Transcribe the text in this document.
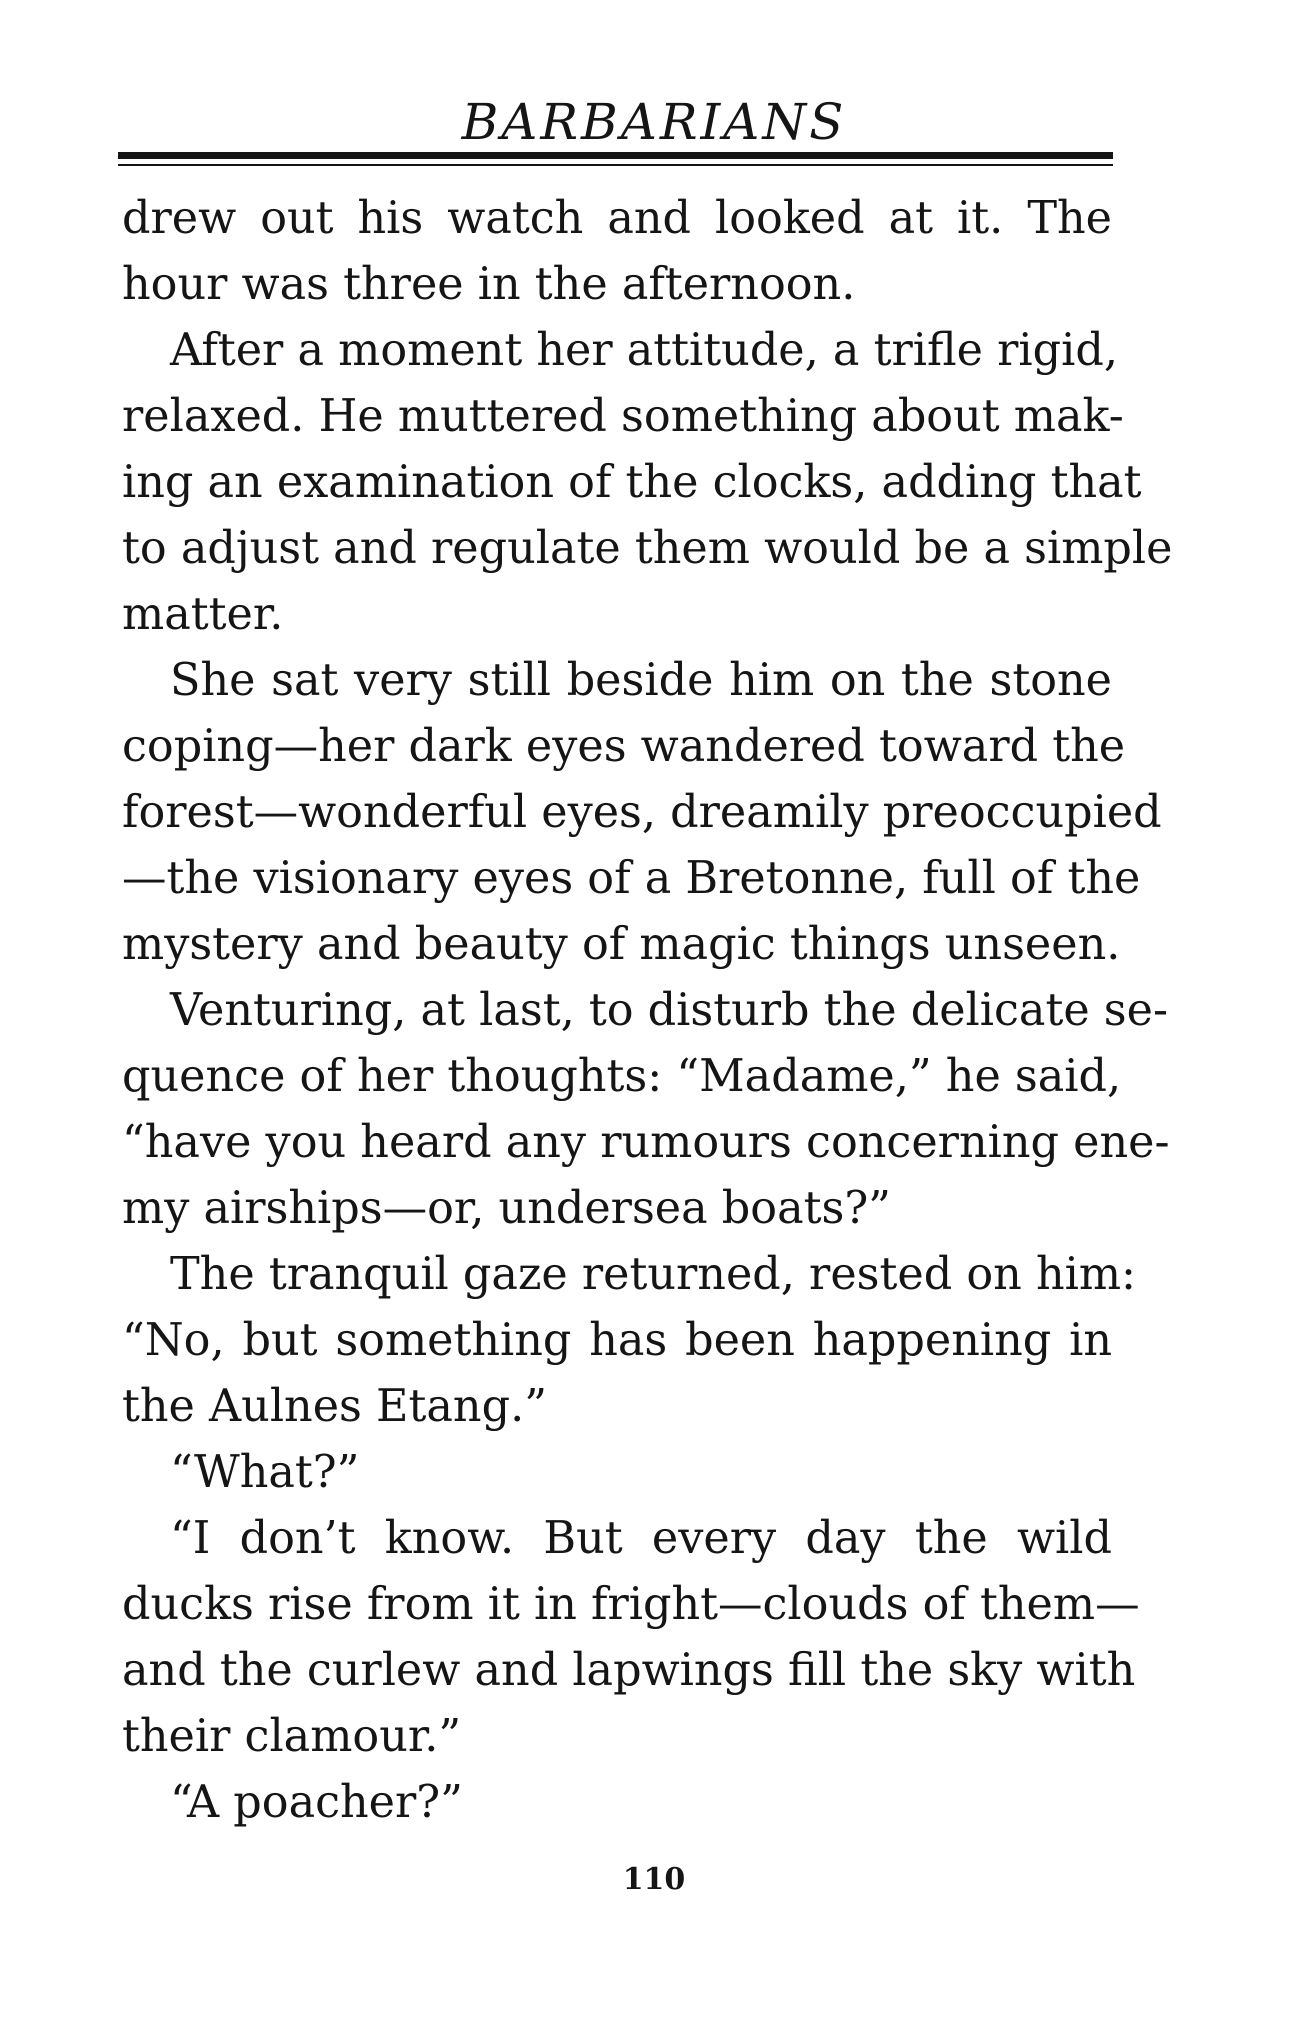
BARBARIANS
drew out his watch and looked at it. The
hour was three in the afternoon.
After a moment her attitude, a trifle rigid,
relaxed. He muttered something about mak-
ing an examination of the clocks, adding that
to adjust and regulate them would be a simple
matter.
She sat very still beside him on the stone
coping—her dark eyes wandered toward the
forest—wonderful eyes, dreamily preoccupied
—the visionary eyes of a Bretonne, full of the
mystery and beauty of magic things unseen.
Venturing, at last, to disturb the delicate se-
quence of her thoughts: “Madame,” he said,
“have you heard any rumours concerning ene-
my airships—or, undersea boats?”
The tranquil gaze returned, rested on him:
“No, but something has been happening in
the Aulnes Etang.”
“What?”
“I don’t know. But every day the wild
ducks rise from it in fright—clouds of them—
and the curlew and lapwings fill the sky with
their clamour.”
“A poacher?”
110
